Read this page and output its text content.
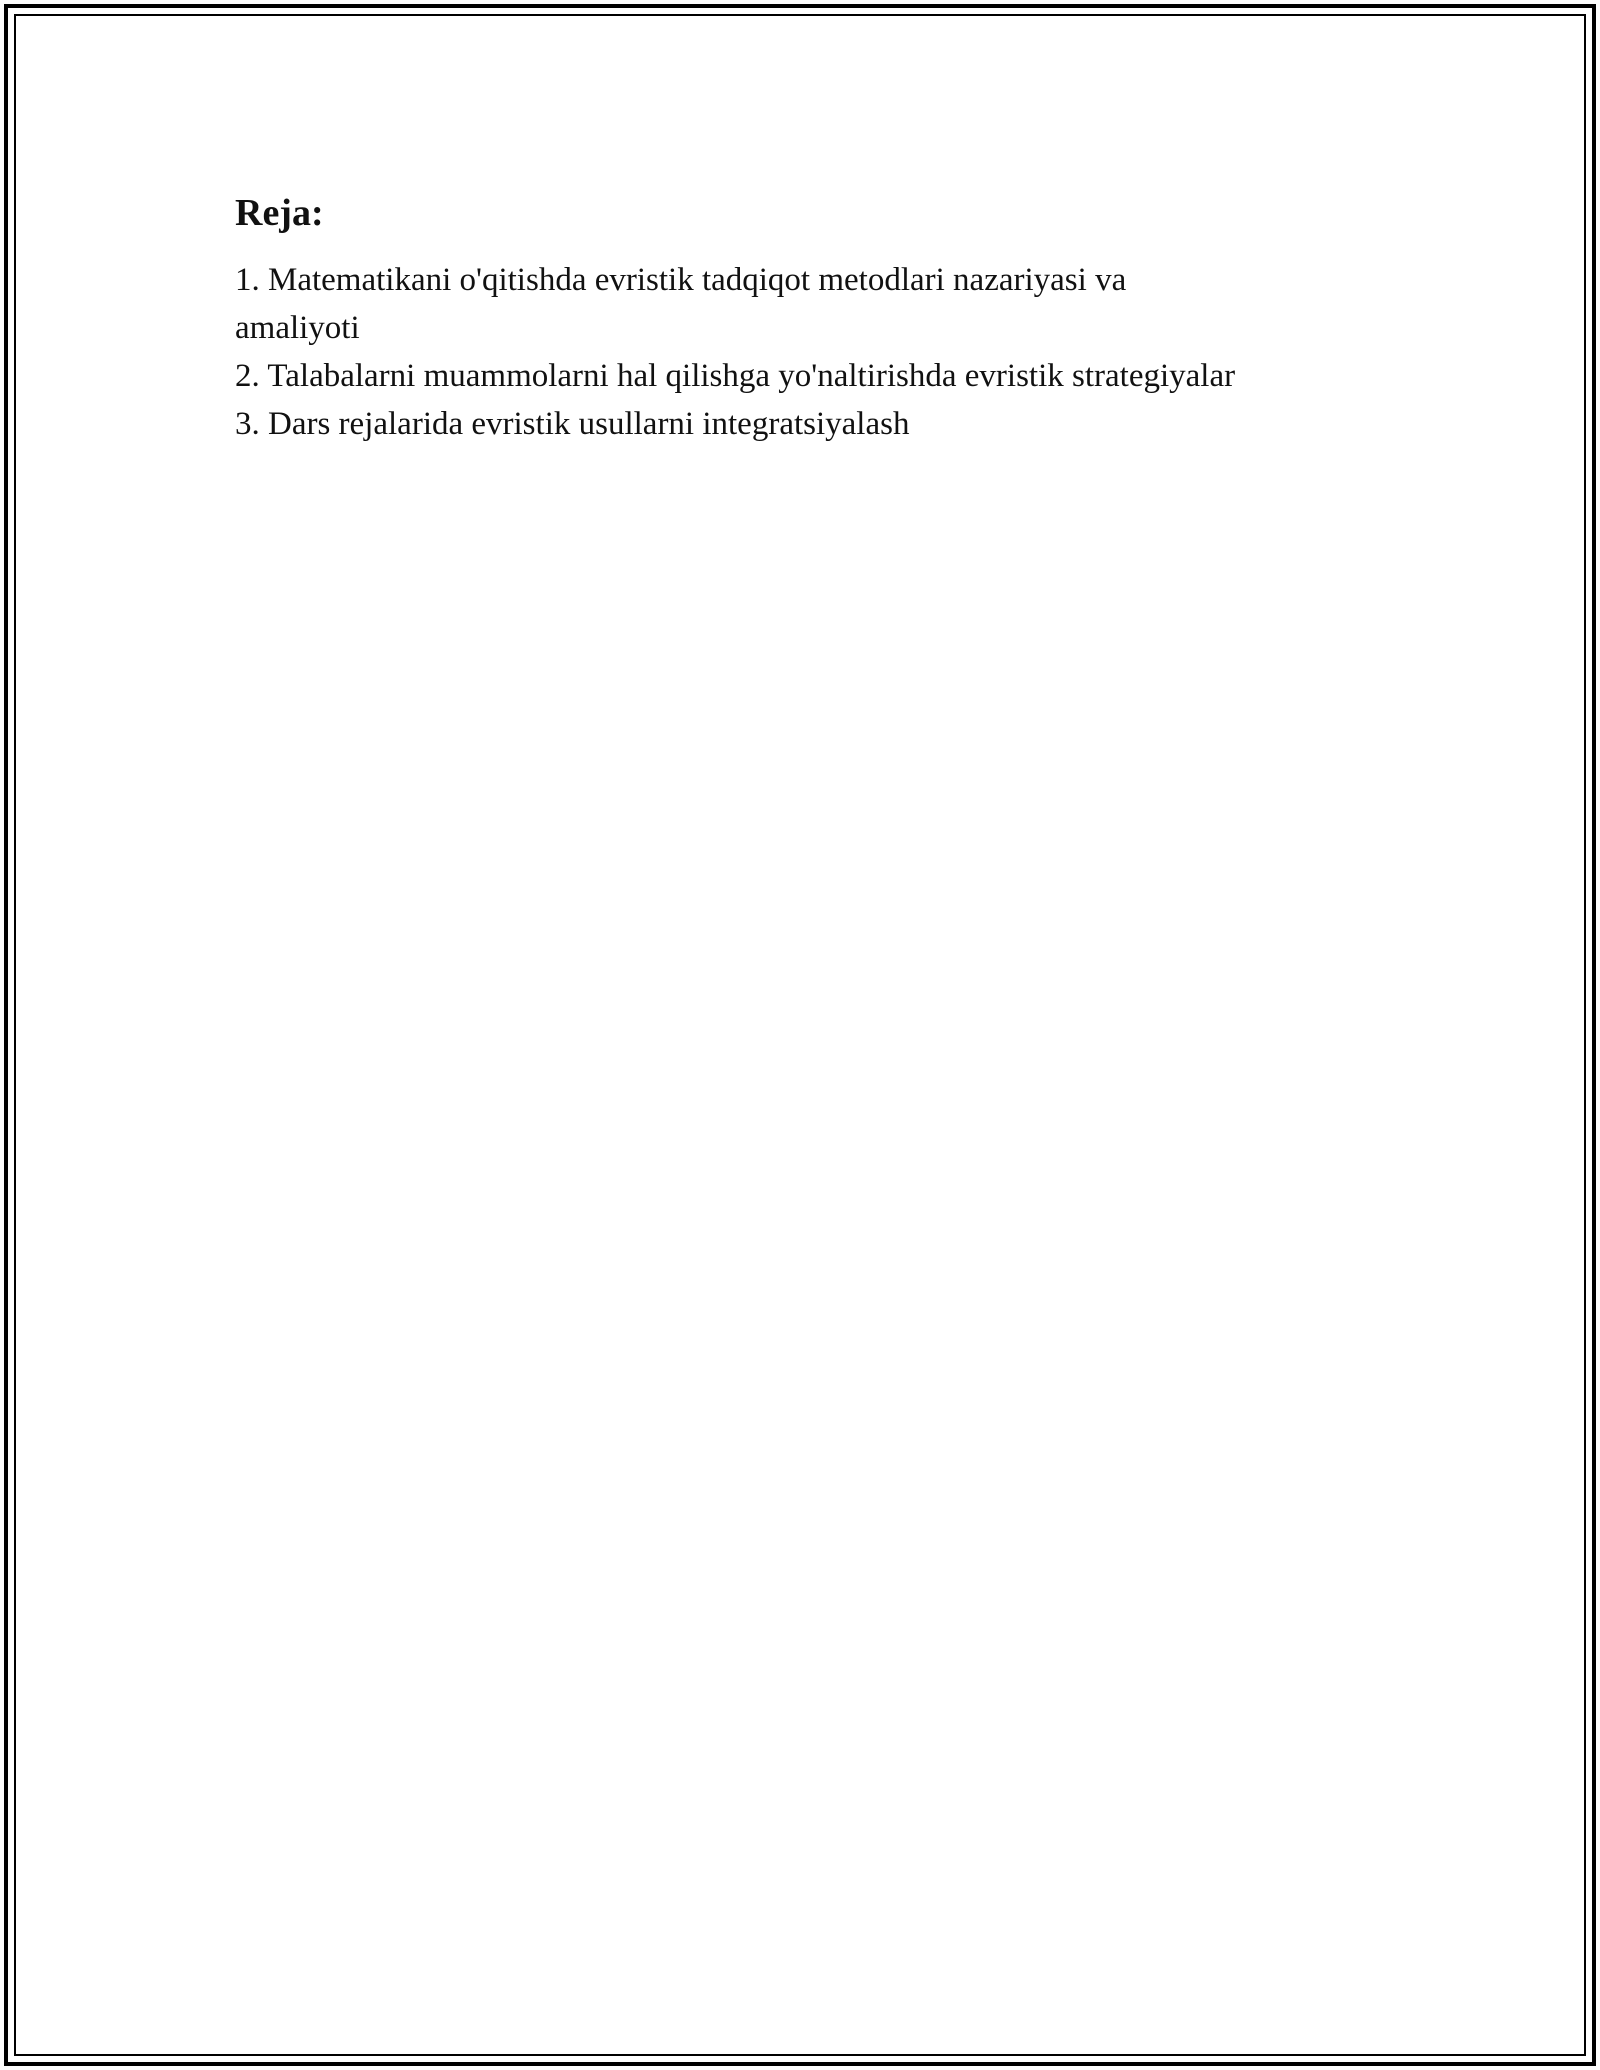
Reja:
1. Matematikani o'qitishda evristik tadqiqot metodlari nazariyasi va amaliyoti
2. Talabalarni muammolarni hal qilishga yo'naltirishda evristik strategiyalar
3. Dars rejalarida evristik usullarni integratsiyalash
